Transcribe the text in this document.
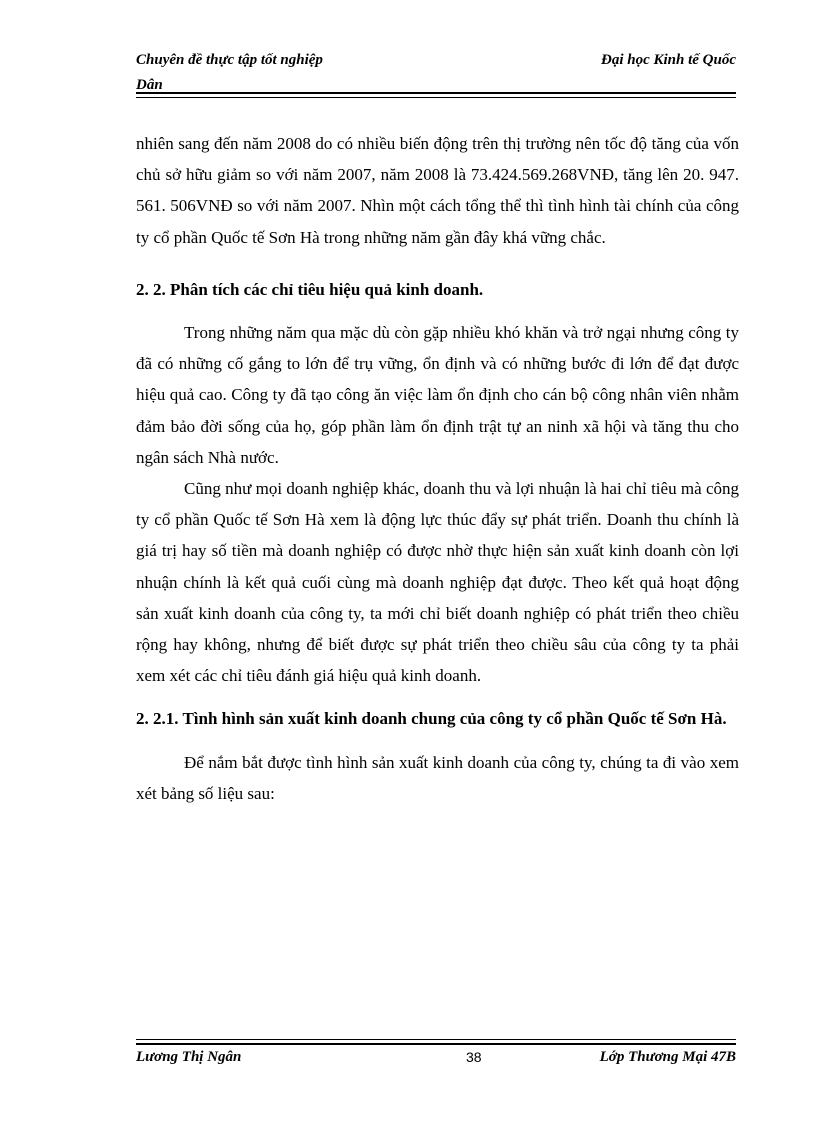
Chuyên đề thực tập tốt nghiệp	Đại học Kinh tế Quốc
Dân

nhiên sang đến năm 2008 do có nhiều biến động trên thị trường nên tốc độ tăng của vốn chủ sở hữu giảm so với năm 2007, năm 2008 là 73.424.569.268VNĐ, tăng lên 20. 947. 561. 506VNĐ so với năm 2007. Nhìn một cách tổng thể thì tình hình tài chính của công ty cổ phần Quốc tế Sơn Hà trong những năm gần đây khá vững chắc.

2. 2. Phân tích các chỉ tiêu hiệu quả kinh doanh.

Trong những năm qua mặc dù còn gặp nhiều khó khăn và trở ngại nhưng công ty đã có những cố gắng to lớn để trụ vững, ổn định và có những bước đi lớn để đạt được hiệu quả cao. Công ty đã tạo công ăn việc làm ổn định cho cán bộ công nhân viên nhằm đảm bảo đời sống của họ, góp phần làm ổn định trật tự an ninh xã hội và tăng thu cho ngân sách Nhà nước.

Cũng như mọi doanh nghiệp khác, doanh thu và lợi nhuận là hai chỉ tiêu mà công ty cổ phần Quốc tế Sơn Hà xem là động lực thúc đẩy sự phát triển. Doanh thu chính là giá trị hay số tiền mà doanh nghiệp có được nhờ thực hiện sản xuất kinh doanh còn lợi nhuận chính là kết quả cuối cùng mà doanh nghiệp đạt được. Theo kết quả hoạt động sản xuất kinh doanh của công ty, ta mới chỉ biết doanh nghiệp có phát triển theo chiều rộng hay không, nhưng để biết được sự phát triển theo chiều sâu của công ty ta phải xem xét các chỉ tiêu đánh giá hiệu quả kinh doanh.

2. 2.1. Tình hình sản xuất kinh doanh chung của công ty cổ phần Quốc tế Sơn Hà.

Để nắm bắt được tình hình sản xuất kinh doanh của công ty, chúng ta đi vào xem xét bảng số liệu sau:

Lương Thị Ngân	38	Lớp Thương Mại 47B
